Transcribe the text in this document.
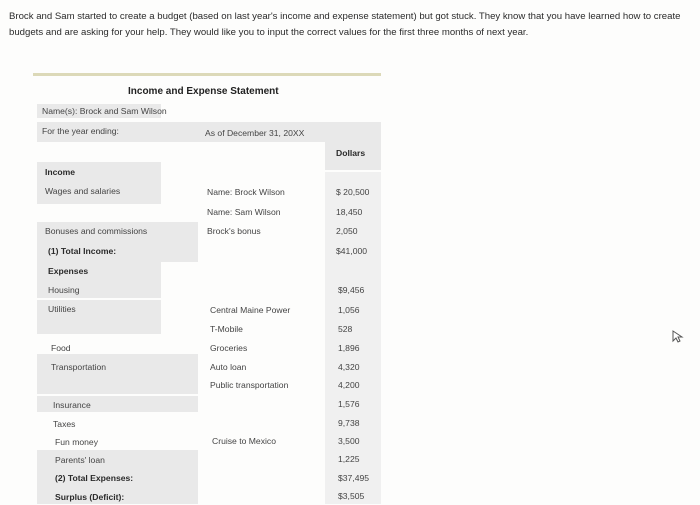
Brock and Sam started to create a budget (based on last year's income and expense statement) but got stuck. They know that you have learned how to create budgets and are asking for your help. They would like you to input the correct values for the first three months of next year.
Income and Expense Statement
Name(s): Brock and Sam Wilson
For the year ending:	As of December 31, 20XX
Dollars
Income
Wages and salaries	Name: Brock Wilson	$ 20,500
Name: Sam Wilson	18,450
Bonuses and commissions	Brock's bonus	2,050
(1) Total Income:	$41,000
Expenses
Housing	$9,456
Utilities	Central Maine Power	1,056
T-Mobile	528
Food	Groceries	1,896
Transportation	Auto loan	4,320
Public transportation	4,200
Insurance	1,576
Taxes	9,738
Fun money	Cruise to Mexico	3,500
Parents' loan	1,225
(2) Total Expenses:	$37,495
Surplus (Deficit):	$3,505
